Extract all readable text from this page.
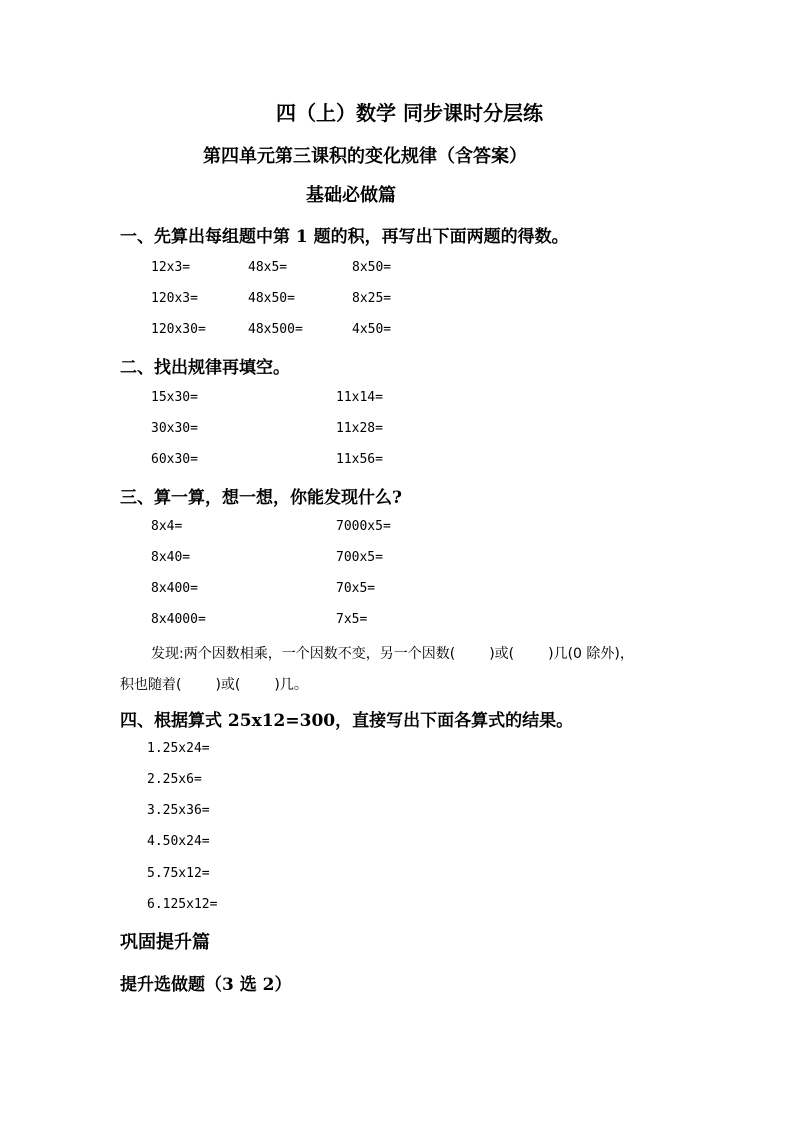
四（上）数学 同步课时分层练
第四单元第三课积的变化规律（含答案）
基础必做篇
一、先算出每组题中第 1 题的积，再写出下面两题的得数。
12x3=	48x5=	8x50=
120x3=	48x50=	8x25=
120x30=	48x500=	4x50=
二、找出规律再填空。
15x30=	11x14=
30x30=	11x28=
60x30=	11x56=
三、算一算，想一想，你能发现什么?
8x4=	7000x5=
8x40=	700x5=
8x400=	70x5=
8x4000=	7x5=
发现:两个因数相乘，一个因数不变，另一个因数( )或( )几(0 除外)，
积也随着( )或( )几。
四、根据算式 25x12=300，直接写出下面各算式的结果。
1.25x24=
2.25x6=
3.25x36=
4.50x24=
5.75x12=
6.125x12=
巩固提升篇
提升选做题（3 选 2）
